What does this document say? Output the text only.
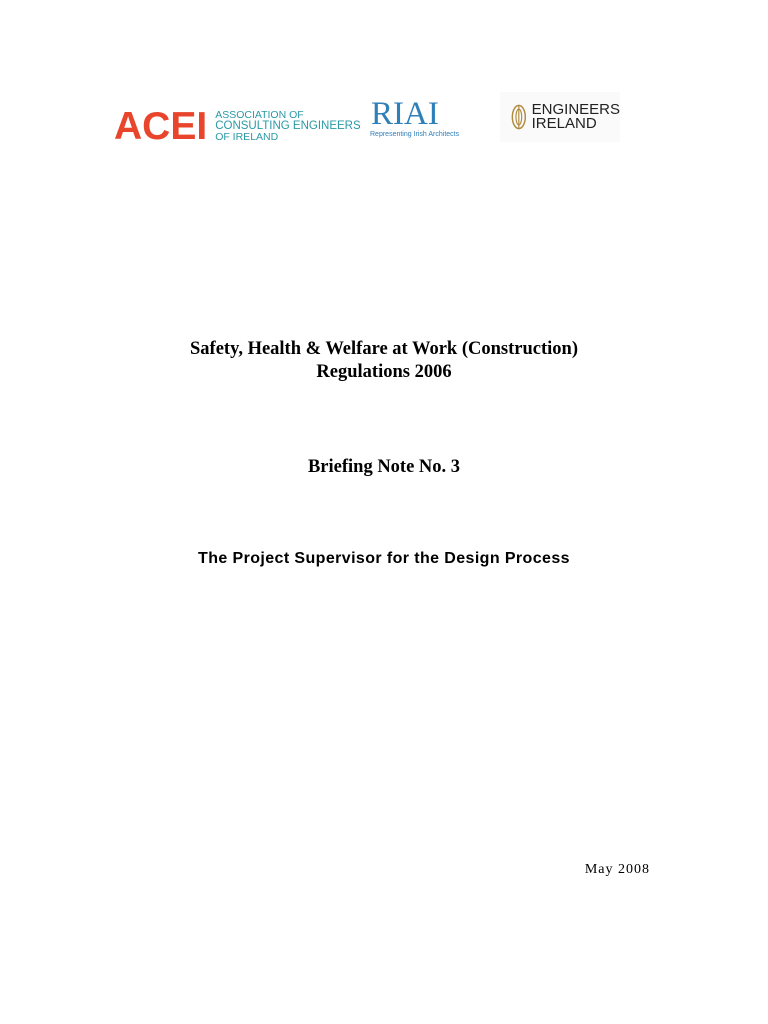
ACEI ASSOCIATION OF
CONSULTING ENGINEERS
OF IRELAND
RIAI
Representing Irish Architects
ENGINEERS
IRELAND
Safety, Health & Welfare at Work (Construction)
Regulations 2006
Briefing Note No. 3
The Project Supervisor for the Design Process
May 2008
